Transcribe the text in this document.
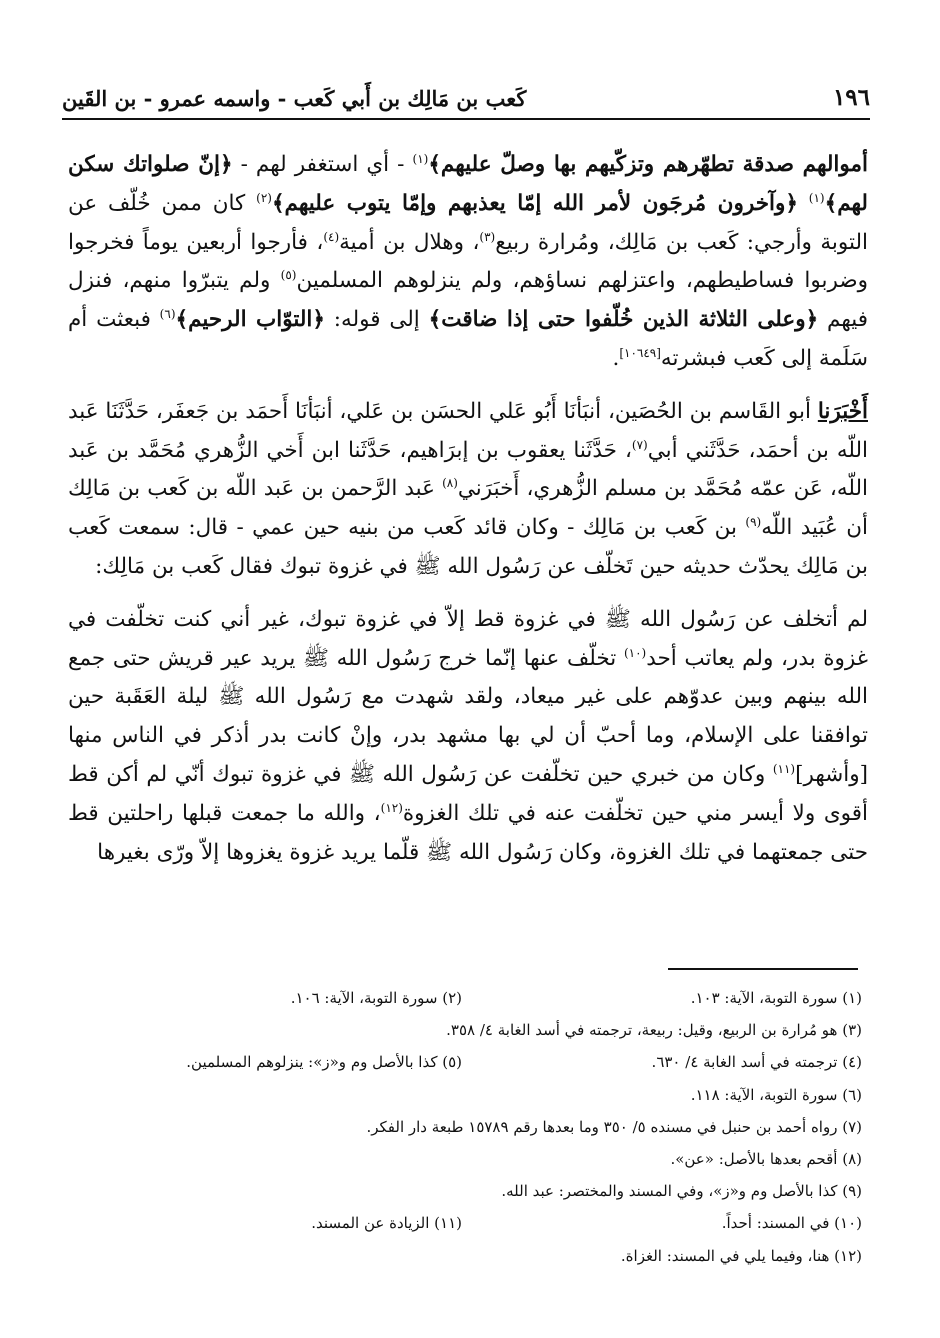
١٩٦
كَعب بن مَالِك بن أَبي كَعب - واسمه عمرو - بن القَين

أموالهم صدقة تطهّرهم وتزكّيهم بها وصلّ عليهم﴾$^{(١)}$ - أي استغفر لهم - ﴿إنّ صلواتك سكن لهم﴾$^{(١)}$ ﴿وآخرون مُرجَون لأمر الله إمّا يعذبهم وإمّا يتوب عليهم﴾$^{(٢)}$ كان ممن خُلّف عن التوبة وأرجي: كَعب بن مَالِك، ومُرارة ربيع$^{(٣)}$، وهلال بن أمية$^{(٤)}$، فأرجوا أربعين يوماً فخرجوا وضربوا فساطيطهم، واعتزلهم نساؤهم، ولم ينزلوهم المسلمين$^{(٥)}$ ولم يتبرّوا منهم، فنزل فيهم ﴿وعلى الثلاثة الذين خُلّفوا حتى إذا ضاقت﴾ إلى قوله: ﴿التوّاب الرحيم﴾$^{(٦)}$ فبعثت أم سَلَمة إلى كَعب فبشرته[١٠٦٤٩].

أَخْبَرَنا أبو القَاسم بن الحُصَين، أنبَأنَا أَبُو عَلي الحسَن بن عَلي، أنبَأنَا أَحمَد بن جَعفَر، حَدَّثَنَا عَبد اللّه بن أحمَد، حَدَّثَني أبي$^{(٧)}$، حَدَّثَنا يعقوب بن إبرَاهيم، حَدَّثَنا ابن أَخي الزُّهري مُحَمَّد بن عَبد اللّه، عَن عمّه مُحَمَّد بن مسلم الزُّهري، أَخبَرَني$^{(٨)}$ عَبد الرَّحمن بن عَبد اللّه بن كَعب بن مَالِك أن عُبَيد اللّه$^{(٩)}$ بن كَعب بن مَالِك - وكان قائد كَعب من بنيه حين عمي - قال: سمعت كَعب بن مَالِك يحدّث حديثه حين تَخلّف عن رَسُول الله ﷺ في غزوة تبوك فقال كَعب بن مَالِك:

لم أتخلف عن رَسُول الله ﷺ في غزوة قط إلاّ في غزوة تبوك، غير أني كنت تخلّفت في غزوة بدر، ولم يعاتب أحد$^{(١٠)}$ تخلّف عنها إنّما خرج رَسُول الله ﷺ يريد عير قريش حتى جمع الله بينهم وبين عدوّهم على غير ميعاد، ولقد شهدت مع رَسُول الله ﷺ ليلة العَقَبة حين توافقنا على الإسلام، وما أحبّ أن لي بها مشهد بدر، وإنْ كانت بدر أذكر في الناس منها [وأشهر]$^{(١١)}$ وكان من خبري حين تخلّفت عن رَسُول الله ﷺ في غزوة تبوك أنّي لم أكن قط أقوى ولا أيسر مني حين تخلّفت عنه في تلك الغزوة$^{(١٢)}$، والله ما جمعت قبلها راحلتين قط حتى جمعتهما في تلك الغزوة، وكان رَسُول الله ﷺ قلّما يريد غزوة يغزوها إلاّ ورّى بغيرها

(١) سورة التوبة، الآية: ١٠٣.
(٢) سورة التوبة، الآية: ١٠٦.
(٣) هو مُرارة بن الربيع، وقيل: ربيعة، ترجمته في أسد الغابة ٤/ ٣٥٨.
(٤) ترجمته في أسد الغابة ٤/ ٦٣٠.
(٥) كذا بالأصل وم و«ز»: ينزلوهم المسلمين.
(٦) سورة التوبة، الآية: ١١٨.
(٧) رواه أحمد بن حنبل في مسنده ٥/ ٣٥٠ وما بعدها رقم ١٥٧٨٩ طبعة دار الفكر.
(٨) أقحم بعدها بالأصل: «عن».
(٩) كذا بالأصل وم و«ز»، وفي المسند والمختصر: عبد الله.
(١٠) في المسند: أحداً.
(١١) الزيادة عن المسند.
(١٢) هنا، وفيما يلي في المسند: الغزاة.
